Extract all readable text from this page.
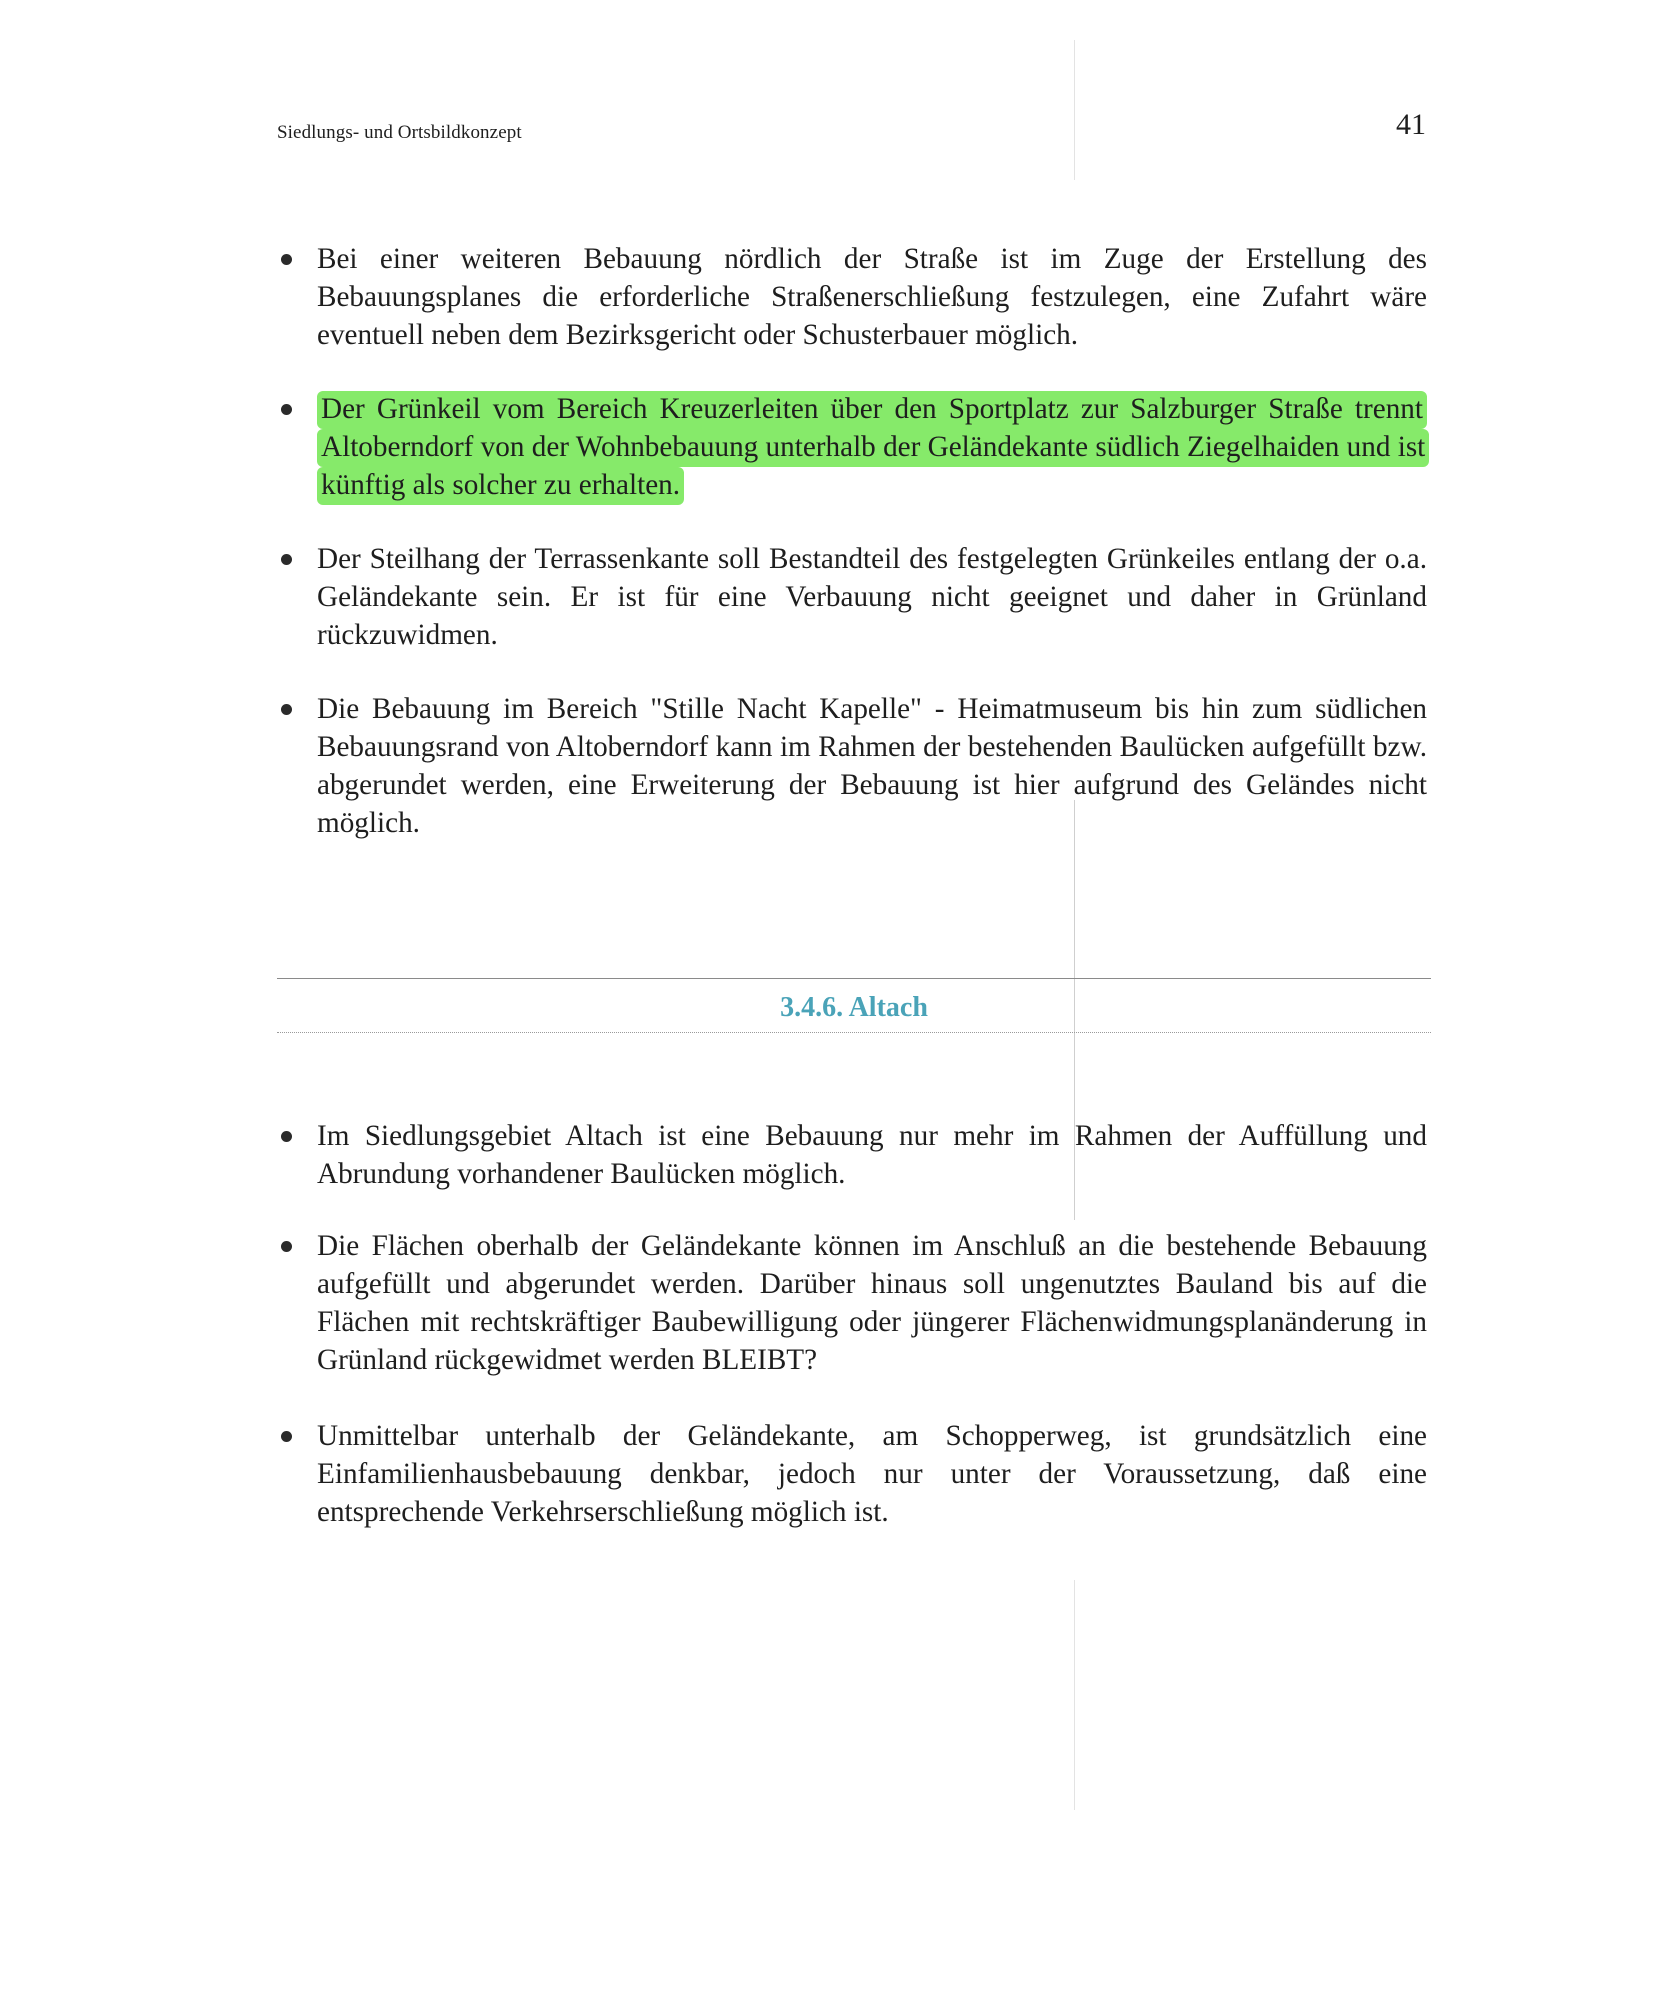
Siedlungs- und Ortsbildkonzept	41
Bei einer weiteren Bebauung nördlich der Straße ist im Zuge der Erstellung des Bebauungsplanes die erforderliche Straßenerschließung festzulegen, eine Zufahrt wäre eventuell neben dem Bezirksgericht oder Schusterbauer möglich.
Der Grünkeil vom Bereich Kreuzerleiten über den Sportplatz zur Salzburger Straße trennt Altoberndorf von der Wohnbebauung unterhalb der Geländekante südlich Ziegelhaiden und ist künftig als solcher zu erhalten.
Der Steilhang der Terrassenkante soll Bestandteil des festgelegten Grünkeiles entlang der o.a. Geländekante sein. Er ist für eine Verbauung nicht geeignet und daher in Grünland rückzuwidmen.
Die Bebauung im Bereich "Stille Nacht Kapelle" - Heimatmuseum bis hin zum südlichen Bebauungsrand von Altoberndorf kann im Rahmen der bestehenden Baulücken aufgefüllt bzw. abgerundet werden, eine Erweiterung der Bebauung ist hier aufgrund des Geländes nicht möglich.
3.4.6. Altach
Im Siedlungsgebiet Altach ist eine Bebauung nur mehr im Rahmen der Auffüllung und Abrundung vorhandener Baulücken möglich.
Die Flächen oberhalb der Geländekante können im Anschluß an die bestehende Bebauung aufgefüllt und abgerundet werden. Darüber hinaus soll ungenutztes Bauland bis auf die Flächen mit rechtskräftiger Baubewilligung oder jüngerer Flächenwidmungsplanänderung in Grünland rückgewidmet werden BLEIBT?
Unmittelbar unterhalb der Geländekante, am Schopperweg, ist grundsätzlich eine Einfamilienhausbebauung denkbar, jedoch nur unter der Voraussetzung, daß eine entsprechende Verkehrserschließung möglich ist.
